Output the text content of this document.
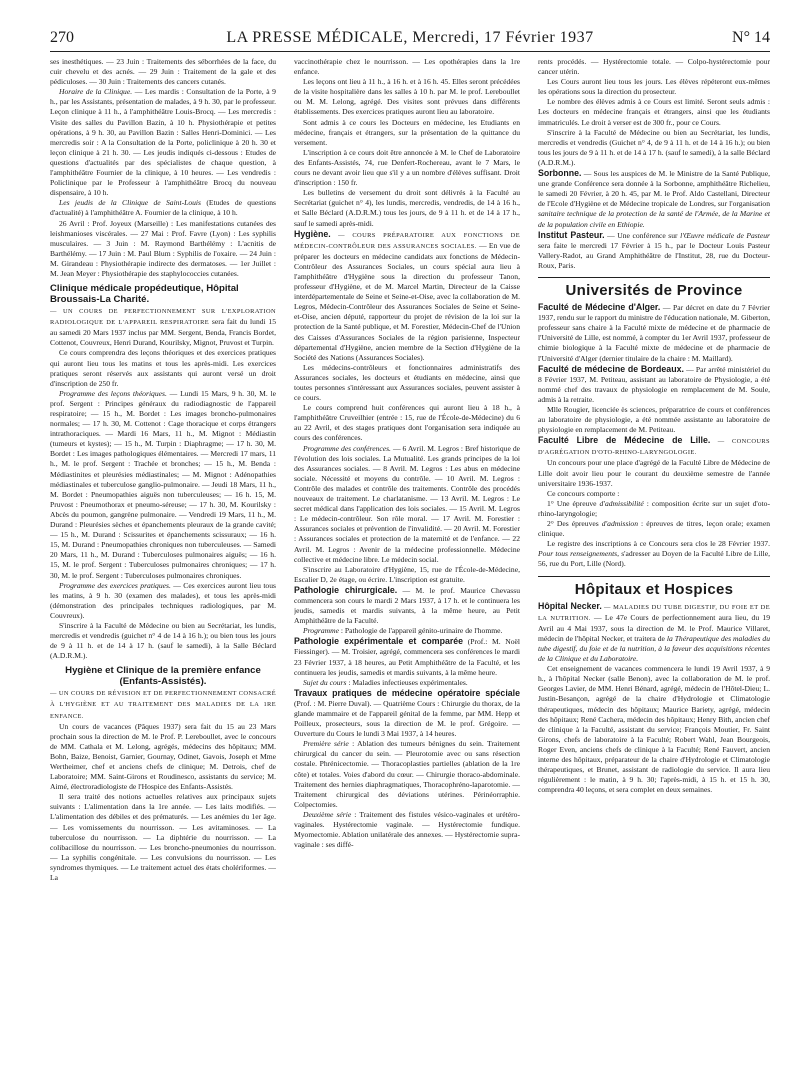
270	LA PRESSE MÉDICALE, Mercredi, 17 Février 1937	N° 14

ses inesthétiques. — 23 Juin : Traitements des séborrhées de la face, du cuir chevelu et des acnés. — 29 Juin : Traitement de la gale et des pédiculoses. — 30 Juin : Traitements des cancers cutanés.

Horaire de la Clinique. — Les mardis : Consultation de la Porte, à 9 h., par les Assistants, présentation de malades, à 9 h. 30, par le professeur. Leçon clinique à 11 h., à l'amphithéâtre Louis-Brocq. — Les mercredis : Visite des salles du Pavillon Bazin, à 10 h. Physiothérapie et petites opérations, à 9 h. 30, au Pavillon Bazin : Salles Henri-Dominici. — Les mercredis soir : A la Consultation de la Porte, policlinique à 20 h. 30 et leçon clinique à 21 h. 30. — Les jeudis indiqués ci-dessous : Etudes de questions d'actualités par des spécialistes de chaque question, à l'amphithéâtre Fournier de la clinique, à 10 heures. — Les vendredis : Policlinique par le Professeur à l'amphithéâtre Brocq du nouveau dispensaire, à 10 h.

Les jeudis de la Clinique de Saint-Louis (Etudes de questions d'actualité) à l'amphithéâtre A. Fournier de la clinique, à 10 h.

26 Avril : Prof. Joyeux (Marseille) : Les manifestations cutanées des leishmanioses viscérales. — 27 Mai : Prof. Favre (Lyon) : Les syphilis musculaires. — 3 Juin : M. Raymond Barthélémy : L'acnitis de Barthélémy. — 17 Juin : M. Paul Blum : Syphilis de l'oxaire. — 24 Juin : M. Girandeau : Physiothérapie indirecte des dermatoses. — 1er Juillet : M. Jean Meyer : Physiothérapie des staphylococcies cutanées.

Clinique médicale propédeutique, Hôpital Broussais-La Charité.

— UN COURS DE PERFECTIONNEMENT SUR L'EXPLORATION RADIOLOGIQUE DE L'APPAREIL RESPIRATOIRE sera fait du lundi 15 au samedi 20 Mars 1937 inclus par MM. Sergent, Benda, Francis Bordet, Cottenot, Couvreux, Henri Durand, Kourilsky, Mignot, Pruvost et Turpin.

Ce cours comprendra des leçons théoriques et des exercices pratiques qui auront lieu tous les matins et tous les après-midi. Les exercices pratiques seront réservés aux assistants qui auront versé un droit d'inscription de 250 fr.

Programme des leçons théoriques. — Lundi 15 Mars, 9 h. 30, M. le prof. Sergent : Principes généraux du radiodiagnostic de l'appareil respiratoire; — 15 h., M. Bordet : Les images broncho-pulmonaires normales; — 17 h. 30, M. Cottenot : Cage thoracique et corps étrangers intrathoraciques. — Mardi 16 Mars, 11 h., M. Mignot : Médiastin (tumeurs et kystes); — 15 h., M. Turpin : Diaphragme; — 17 h. 30, M. Bordet : Les images pathologiques élémentaires. — Mercredi 17 mars, 11 h., M. le prof. Sergent : Trachée et bronches; — 15 h., M. Benda : Médiastinites et pleurésies médiastinales; — M. Mignot : Adénopathies médiastinales et tuberculose ganglio-pulmonaire. — Jeudi 18 Mars, 11 h., M. Bordet : Pneumopathies aiguës non tuberculeuses; — 16 h. 15, M. Pruvost : Pneumothorax et pneumo-séreuse; — 17 h. 30, M. Kourilsky : Abcès du poumon, gangrène pulmonaire. — Vendredi 19 Mars, 11 h., M. Durand : Pleurésies sèches et épanchements pleuraux de la grande cavité; — 15 h., M. Durand : Scissurites et épanchements scissuraux; — 16 h. 15, M. Durand : Pneumopathies chroniques non tuberculeuses. — Samedi 20 Mars, 11 h., M. Durand : Tuberculoses pulmonaires aiguës; — 16 h. 15, M. le prof. Sergent : Tuberculoses pulmonaires chroniques; — 17 h. 30, M. le prof. Sergent : Tuberculoses pulmonaires chroniques.

Programme des exercices pratiques. — Ces exercices auront lieu tous les matins, à 9 h. 30 (examen des malades), et tous les après-midi (démonstration des principales techniques radiologiques, par M. Couvreux).

S'inscrire à la Faculté de Médecine ou bien au Secrétariat, les lundis, mercredis et vendredis (guichet n° 4 de 14 à 16 h.); ou bien tous les jours de 9 à 11 h. et de 14 à 17 h. (sauf le samedi), à la Salle Béclard (A.D.R.M.).

Hygiène et Clinique de la première enfance (Enfants-Assistés).

— UN COURS DE RÉVISION ET DE PERFECTIONNEMENT CONSACRÉ À L'HYGIÈNE ET AU TRAITEMENT DES MALADIES DE LA 1RE ENFANCE.

Un cours de vacances (Pâques 1937) sera fait du 15 au 23 Mars prochain sous la direction de M. le Prof. P. Lereboullet, avec le concours de MM. Cathala et M. Lelong, agrégés, médecins des hôpitaux; MM. Bohn, Baize, Benoist, Garnier, Gournay, Odinet, Gavois, Joseph et Mme Wertheimer, chef et anciens chefs de clinique; M. Detrois, chef de Laboratoire; MM. Saint-Girons et Roudinesco, assistants du service; M. Aimé, électroradiologiste de l'Hospice des Enfants-Assistés.

Il sera traité des notions actuelles relatives aux principaux sujets suivants : L'alimentation dans la 1re année. — Les laits modifiés. — L'alimentation des débiles et des prématurés. — Les anémies du 1er âge. — Les vomissements du nourrisson. — Les avitaminoses. — La tuberculose du nourrisson. — La diphtérie du nourrisson. — La colibacillose du nourrisson. — Les broncho-pneumonies du nourrisson. — La syphilis congénitale. — Les convulsions du nourrisson. — Les syndromes thymiques. — Le traitement actuel des états cholériformes. — La

vaccinothérapie chez le nourrisson. — Les opothérapies dans la 1re enfance.

Les leçons ont lieu à 11 h., à 16 h. et à 16 h. 45. Elles seront précédées de la visite hospitalière dans les salles à 10 h. par M. le prof. Lereboullet ou M. M. Lelong, agrégé. Des visites sont prévues dans différents établissements. Des exercices pratiques auront lieu au laboratoire.

Sont admis à ce cours les Docteurs en médecine, les Etudiants en médecine, français et étrangers, sur la présentation de la quittance du versement.

L'inscription à ce cours doit être annoncée à M. le Chef de Laboratoire des Enfants-Assistés, 74, rue Denfert-Rochereau, avant le 7 Mars, le cours ne devant avoir lieu que s'il y a un nombre d'élèves suffisant. Droit d'inscription : 150 fr.

Les bulletins de versement du droit sont délivrés à la Faculté au Secrétariat (guichet n° 4), les lundis, mercredis, vendredis, de 14 à 16 h., et Salle Béclard (A.D.R.M.) tous les jours, de 9 à 11 h. et de 14 à 17 h., sauf le samedi après-midi.

Hygiène. — COURS PRÉPARATOIRE AUX FONCTIONS DE MÉDECIN-CONTRÔLEUR DES ASSURANCES SOCIALES. — En vue de préparer les docteurs en médecine candidats aux fonctions de Médecin-Contrôleur des Assurances Sociales, un cours spécial aura lieu à l'amphithéâtre d'Hygiène sous la direction du professeur Tanon, professeur d'Hygiène, et de M. Marcel Martin, Directeur de la Caisse interdépartementale de Seine et Seine-et-Oise, avec la collaboration de M. Legros, Médecin-Contrôleur des Assurances Sociales de Seine et Seine-et-Oise, ancien député, rapporteur du projet de révision de la loi sur la protection de la Santé publique, et M. Forestier, Médecin-Chef de l'Union des Caisses d'Assurances Sociales de la région parisienne, Inspecteur départemental d'Hygiène, ancien membre de la Section d'Hygiène de la Société des Nations (Assurances Sociales).

Les médecins-contrôleurs et fonctionnaires administratifs des Assurances sociales, les docteurs et étudiants en médecine, ainsi que toutes personnes s'intéressant aux Assurances sociales, peuvent assister à ce cours.

Le cours comprend huit conférences qui auront lieu à 18 h., à l'amphithéâtre Cruveilhier (entrée : 15, rue de l'École-de-Médecine) du 6 au 22 Avril, et des stages pratiques dont l'organisation sera indiquée au cours des conférences.

Programme des conférences. — 6 Avril. M. Legros : Bref historique de l'évolution des lois sociales. La Mutualité. Les grands principes de la loi des Assurances sociales. — 8 Avril. M. Legros : Les abus en médecine sociale. Nécessité et moyens du contrôle. — 10 Avril. M. Legros : Contrôle des malades et contrôle des traitements. Contrôle des procédés nouveaux de traitement. Le charlatanisme. — 13 Avril. M. Legros : Le secret médical dans l'application des lois sociales. — 15 Avril. M. Legros : Le médecin-contrôleur. Son rôle moral. — 17 Avril. M. Forestier : Assurances sociales et prévention de l'invalidité. — 20 Avril. M. Forestier : Assurances sociales et protection de la maternité et de l'enfance. — 22 Avril. M. Legros : Avenir de la médecine professionnelle. Médecine collective et médecine libre. Le médecin social.

S'inscrire au Laboratoire d'Hygiène, 15, rue de l'École-de-Médecine, Escalier D, 2e étage, ou écrire. L'inscription est gratuite.

Pathologie chirurgicale. — M. le prof. Maurice Chevassu commencera son cours le mardi 2 Mars 1937, à 17 h. et le continuera les jeudis, samedis et mardis suivants, à la même heure, au Petit Amphithéâtre de la Faculté.

Programme : Pathologie de l'appareil génito-urinaire de l'homme.

Pathologie expérimentale et comparée (Prof.: M. Noël Fiessinger). — M. Troisier, agrégé, commencera ses conférences le mardi 23 Février 1937, à 18 heures, au Petit Amphithéâtre de la Faculté, et les continuera les jeudis, samedis et mardis suivants, à la même heure.

Sujet du cours : Maladies infectieuses expérimentales.

Travaux pratiques de médecine opératoire spéciale (Prof. : M. Pierre Duval). — Quatrième Cours : Chirurgie du thorax, de la glande mammaire et de l'appareil génital de la femme, par MM. Hepp et Poilleux, prosecteurs, sous la direction de M. le prof. Grégoire. — Ouverture du Cours le lundi 3 Mai 1937, à 14 heures.

Première série : Ablation des tumeurs bénignes du sein. Traitement chirurgical du cancer du sein. — Pleurotomie avec ou sans résection costale. Phrénicectomie. — Thoracoplasties partielles (ablation de la 1re côte) et totales. Voies d'abord du cœur. — Chirurgie thoraco-abdominale. Traitement des hernies diaphragmatiques, Thoracophréno-laparotomie. — Traitement chirurgical des déviations utérines. Périnéorraphie. Colpectomies.

Deuxième série : Traitement des fistules vésico-vaginales et urétéro-vaginales. Hystérectomie vaginale. — Hystérectomie fundique. Myomectomie. Ablation unilatérale des annexes. — Hystérectomie supra-vaginale : ses diffé-

rents procédés. — Hystérectomie totale. — Colpo-hystérectomie pour cancer utérin.

Les Cours auront lieu tous les jours. Les élèves répéteront eux-mêmes les opérations sous la direction du prosecteur.

Le nombre des élèves admis à ce Cours est limité. Seront seuls admis : Les docteurs en médecine français et étrangers, ainsi que les étudiants immatriculés. Le droit à verser est de 300 fr., pour ce Cours.

S'inscrire à la Faculté de Médecine ou bien au Secrétariat, les lundis, mercredis et vendredis (Guichet n° 4, de 9 à 11 h. et de 14 à 16 h.); ou bien tous les jours de 9 à 11 h. et de 14 à 17 h. (sauf le samedi), à la salle Béclard (A.D.R.M.).

Sorbonne. — Sous les auspices de M. le Ministre de la Santé Publique, une grande Conférence sera donnée à la Sorbonne, amphithéâtre Richelieu, le samedi 20 Février, à 20 h. 45, par M. le Prof. Aldo Castellani, Directeur de l'Ecole d'Hygiène et de Médecine tropicale de Londres, sur l'organisation sanitaire technique de la protection de la santé de l'Armée, de la Marine et de la population civile en Ethiopie.

Institut Pasteur. — Une conférence sur l'Œuvre médicale de Pasteur sera faite le mercredi 17 Février à 15 h., par le Docteur Louis Pasteur Vallery-Radot, au Grand Amphithéâtre de l'Institut, 28, rue du Docteur-Roux, Paris.

Universités de Province

Faculté de Médecine d'Alger. — Par décret en date du 7 Février 1937, rendu sur le rapport du ministre de l'éducation nationale, M. Giberton, professeur sans chaire à la Faculté mixte de médecine et de pharmacie de l'Université de Lille, est nommé, à compter du 1er Avril 1937, professeur de chimie biologique à la Faculté mixte de médecine et de pharmacie de l'Université d'Alger (dernier titulaire de la chaire : M. Maillard).

Faculté de médecine de Bordeaux. — Par arrêté ministériel du 8 Février 1937, M. Petiteau, assistant au laboratoire de Physiologie, a été nommé chef des travaux de physiologie en remplacement de M. Soule, admis à la retraite.

Mlle Rougier, licenciée ès sciences, préparatrice de cours et conférences au laboratoire de physiologie, a été nommée assistante au laboratoire de physiologie en remplacement de M. Petiteau.

Faculté Libre de Médecine de Lille. — CONCOURS D'AGRÉGATION D'OTO-RHINO-LARYNGOLOGIE.

Un concours pour une place d'agrégé de la Faculté Libre de Médecine de Lille doit avoir lieu pour le courant du deuxième semestre de l'année universitaire 1936-1937.

Ce concours comporte :

1° Une épreuve d'admissibilité : composition écrite sur un sujet d'oto-rhino-laryngologie;

2° Des épreuves d'admission : épreuves de titres, leçon orale; examen clinique.

Le registre des inscriptions à ce Concours sera clos le 28 Février 1937. Pour tous renseignements, s'adresser au Doyen de la Faculté Libre de Lille, 56, rue du Port, Lille (Nord).

Hôpitaux et Hospices

Hôpital Necker. — MALADIES DU TUBE DIGESTIF, DU FOIE ET DE LA NUTRITION. — Le 47e Cours de perfectionnement aura lieu, du 19 Avril au 4 Mai 1937, sous la direction de M. le Prof. Maurice Villaret, médecin de l'hôpital Necker, et traitera de la Thérapeutique des maladies du tube digestif, du foie et de la nutrition, à la faveur des acquisitions récentes de la Clinique et du Laboratoire.

Cet enseignement de vacances commencera le lundi 19 Avril 1937, à 9 h., à l'hôpital Necker (salle Benon), avec la collaboration de M. le prof. Georges Lavier, de MM. Henri Bénard, agrégé, médecin de l'Hôtel-Dieu; L. Justin-Besançon, agrégé de la chaire d'Hydrologie et Climatologie thérapeutiques, médecin des hôpitaux; Maurice Bariety, agrégé, médecin des hôpitaux; René Cachera, médecin des hôpitaux; Henry Bith, ancien chef de clinique à la Faculté, assistant du service; François Moutier, Fr. Saint Girons, chefs de laboratoire à la Faculté; Robert Wahl, Jean Bourgeois, Roger Even, anciens chefs de clinique à la Faculté; René Fauvert, ancien interne des hôpitaux, préparateur de la chaire d'Hydrologie et Climatologie thérapeutiques, et Brunet, assistant de radiologie du service. Il aura lieu régulièrement : le matin, à 9 h. 30; l'après-midi, à 15 h. et 15 h. 30, comprendra 40 leçons, et sera complet en deux semaines.
